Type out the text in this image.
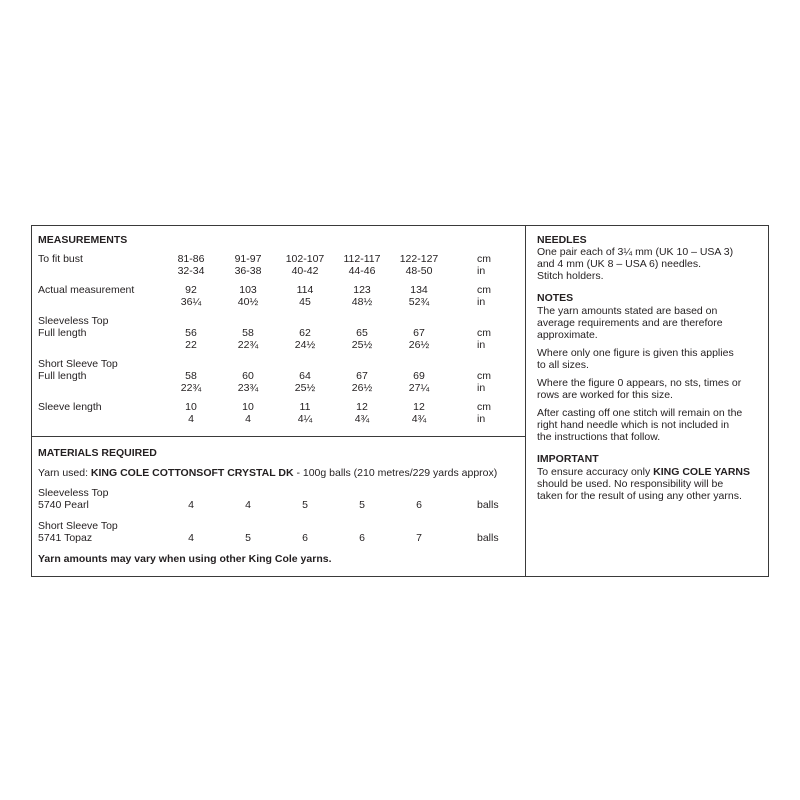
MEASUREMENTS
To fit bust	81-86	91-97	102-107	112-117	122-127	cm
32-34	36-38	40-42	44-46	48-50	in
Actual measurement	92	103	114	123	134	cm
36¼	40½	45	48½	52¾	in
Sleeveless Top
Full length	56	58	62	65	67	cm
22	22¾	24½	25½	26½	in
Short Sleeve Top
Full length	58	60	64	67	69	cm
22¾	23¾	25½	26½	27¼	in
Sleeve length	10	10	11	12	12	cm
4	4	4¼	4¾	4¾	in
MATERIALS REQUIRED
Yarn used: KING COLE COTTONSOFT CRYSTAL DK - 100g balls (210 metres/229 yards approx)
Sleeveless Top
5740 Pearl	4	4	5	5	6	balls
Short Sleeve Top
5741 Topaz	4	5	6	6	7	balls
Yarn amounts may vary when using other King Cole yarns.
NEEDLES
One pair each of 3¼ mm (UK 10 – USA 3)
and 4 mm (UK 8 – USA 6) needles.
Stitch holders.
NOTES
The yarn amounts stated are based on
average requirements and are therefore
approximate.
Where only one figure is given this applies
to all sizes.
Where the figure 0 appears, no sts, times or
rows are worked for this size.
After casting off one stitch will remain on the
right hand needle which is not included in
the instructions that follow.
IMPORTANT
To ensure accuracy only KING COLE YARNS
should be used. No responsibility will be
taken for the result of using any other yarns.
